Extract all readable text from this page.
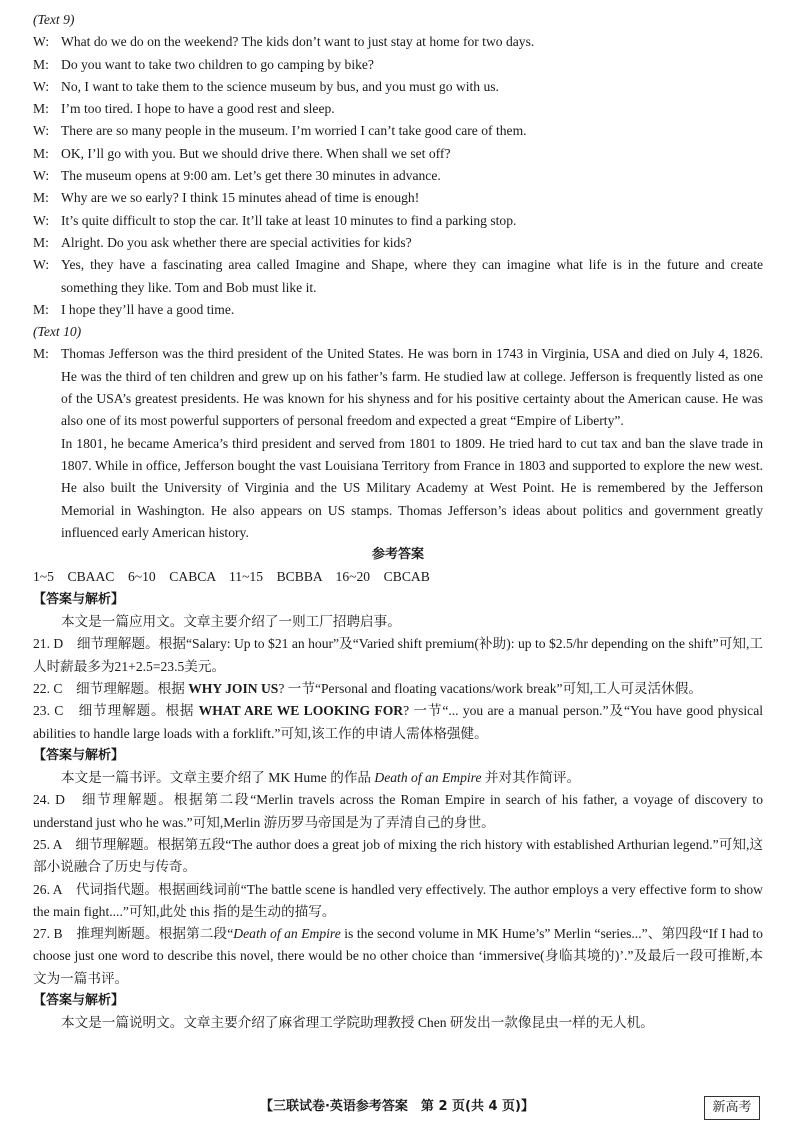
(Text 9)
W: What do we do on the weekend? The kids don’t want to just stay at home for two days.
M: Do you want to take two children to go camping by bike?
W: No, I want to take them to the science museum by bus, and you must go with us.
M: I’m too tired. I hope to have a good rest and sleep.
W: There are so many people in the museum. I’m worried I can’t take good care of them.
M: OK, I’ll go with you. But we should drive there. When shall we set off?
W: The museum opens at 9:00 am. Let’s get there 30 minutes in advance.
M: Why are we so early? I think 15 minutes ahead of time is enough!
W: It’s quite difficult to stop the car. It’ll take at least 10 minutes to find a parking stop.
M: Alright. Do you ask whether there are special activities for kids?
W: Yes, they have a fascinating area called Imagine and Shape, where they can imagine what life is in the future and create something they like. Tom and Bob must like it.
M: I hope they’ll have a good time.
(Text 10)
M: Thomas Jefferson was the third president of the United States. He was born in 1743 in Virginia, USA and died on July 4, 1826. He was the third of ten children and grew up on his father’s farm. He studied law at college. Jefferson is frequently listed as one of the USA’s greatest presidents. He was known for his shyness and for his positive certainty about the American cause. He was also one of its most powerful supporters of personal freedom and expected a great “Empire of Liberty”.
In 1801, he became America’s third president and served from 1801 to 1809. He tried hard to cut tax and ban the slave trade in 1807. While in office, Jefferson bought the vast Louisiana Territory from France in 1803 and supported to explore the new west. He also built the University of Virginia and the US Military Academy at West Point. He is remembered by the Jefferson Memorial in Washington. He also appears on US stamps. Thomas Jefferson’s ideas about politics and government greatly influenced early American history.
参考答案
1~5　CBAAC　6~10　CABCA　11~15　BCBBA　16~20　CBCAB
【答案与解析】
本文是一篇应用文。文章主要介绍了一则工厂招聘启事。
21. D　细节理解题。根据“Salary: Up to $21 an hour”及“Varied shift premium(补助): up to $2.5/hr depending on the shift”可知,工人时薪最多为21+2.5=23.5美元。
22. C　细节理解题。根据 WHY JOIN US? 一节“Personal and floating vacations/work break”可知,工人可灵活休假。
23. C　细节理解题。根据 WHAT ARE WE LOOKING FOR? 一节“... you are a manual person.”及“You have good physical abilities to handle large loads with a forklift.”可知,该工作的申请人需体格强健。
【答案与解析】
本文是一篇书评。文章主要介绍了 MK Hume 的作品 Death of an Empire 并对其作简评。
24. D　细节理解题。根据第二段“Merlin travels across the Roman Empire in search of his father, a voyage of discovery to understand just who he was.”可知,Merlin 游历罗马帝国是为了弄清自己的身世。
25. A　细节理解题。根据第五段“The author does a great job of mixing the rich history with established Arthurian legend.”可知,这部小说融合了历史与传奇。
26. A　代词指代题。根据画线词前“The battle scene is handled very effectively. The author employs a very effective form to show the main fight....”可知,此处 this 指的是生动的描写。
27. B　推理判断题。根据第二段“Death of an Empire is the second volume in MK Hume’s” Merlin “series...”、第四段“If I had to choose just one word to describe this novel, there would be no other choice than ‘immersive(身临其境的)’.”及最后一段可推断,本文为一篇书评。
【答案与解析】
本文是一篇说明文。文章主要介绍了麻省理工学院助理教授 Chen 研发出一款像昆虫一样的无人机。
【三联试卷·英语参考答案　第 2 页(共 4 页)】	新高考
